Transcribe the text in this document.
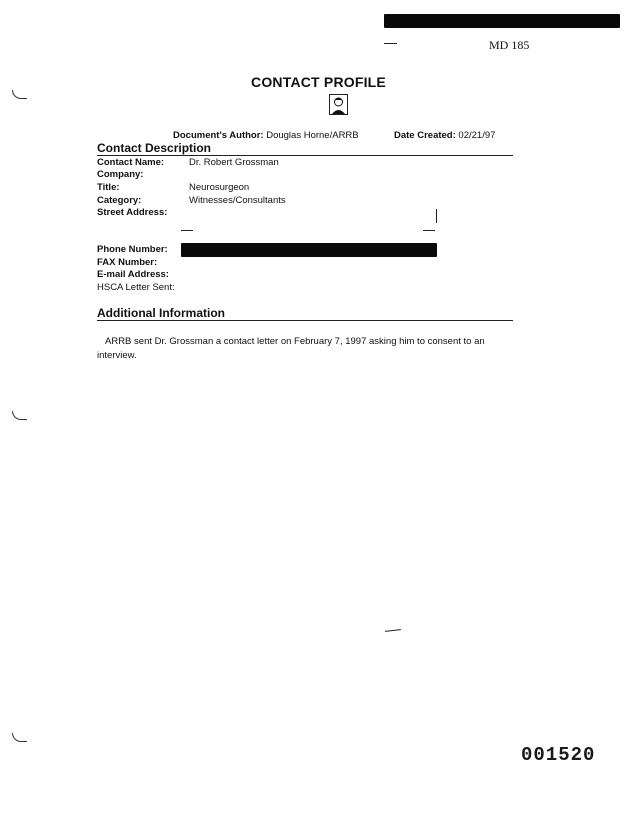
MD 185
CONTACT PROFILE
Document's Author: Douglas Horne/ARRB	Date Created: 02/21/97
Contact Description
Contact Name:	Dr. Robert Grossman
Company:
Title:	Neurosurgeon
Category:	Witnesses/Consultants
Street Address:
Phone Number:
FAX Number:
E-mail Address:
HSCA Letter Sent:
Additional Information
ARRB sent Dr. Grossman a contact letter on February 7, 1997 asking him to consent to an interview.
001520
